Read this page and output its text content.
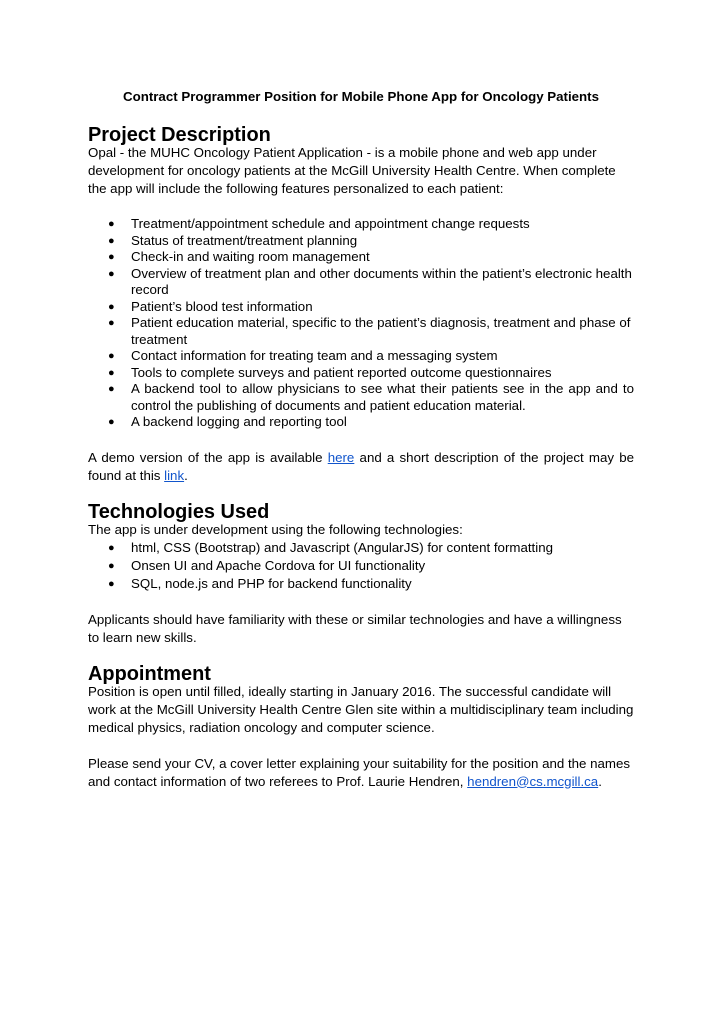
Contract Programmer Position for Mobile Phone App for Oncology Patients
Project Description

Opal - the MUHC Oncology Patient Application - is a mobile phone and web app under development for oncology patients at the McGill University Health Centre. When complete the app will include the following features personalized to each patient:

● Treatment/appointment schedule and appointment change requests
● Status of treatment/treatment planning
● Check-in and waiting room management
● Overview of treatment plan and other documents within the patient’s electronic health record
● Patient’s blood test information
● Patient education material, specific to the patient’s diagnosis, treatment and phase of treatment
● Contact information for treating team and a messaging system
● Tools to complete surveys and patient reported outcome questionnaires
● A backend tool to allow physicians to see what their patients see in the app and to control the publishing of documents and patient education material.
● A backend logging and reporting tool

A demo version of the app is available here and a short description of the project may be found at this link.

Technologies Used

The app is under development using the following technologies:

● html, CSS (Bootstrap) and Javascript (AngularJS) for content formatting
● Onsen UI and Apache Cordova for UI functionality
● SQL, node.js and PHP for backend functionality

Applicants should have familiarity with these or similar technologies and have a willingness to learn new skills.

Appointment

Position is open until filled, ideally starting in January 2016. The successful candidate will work at the McGill University Health Centre Glen site within a multidisciplinary team including medical physics, radiation oncology and computer science.

Please send your CV, a cover letter explaining your suitability for the position and the names and contact information of two referees to Prof. Laurie Hendren, hendren@cs.mcgill.ca.
